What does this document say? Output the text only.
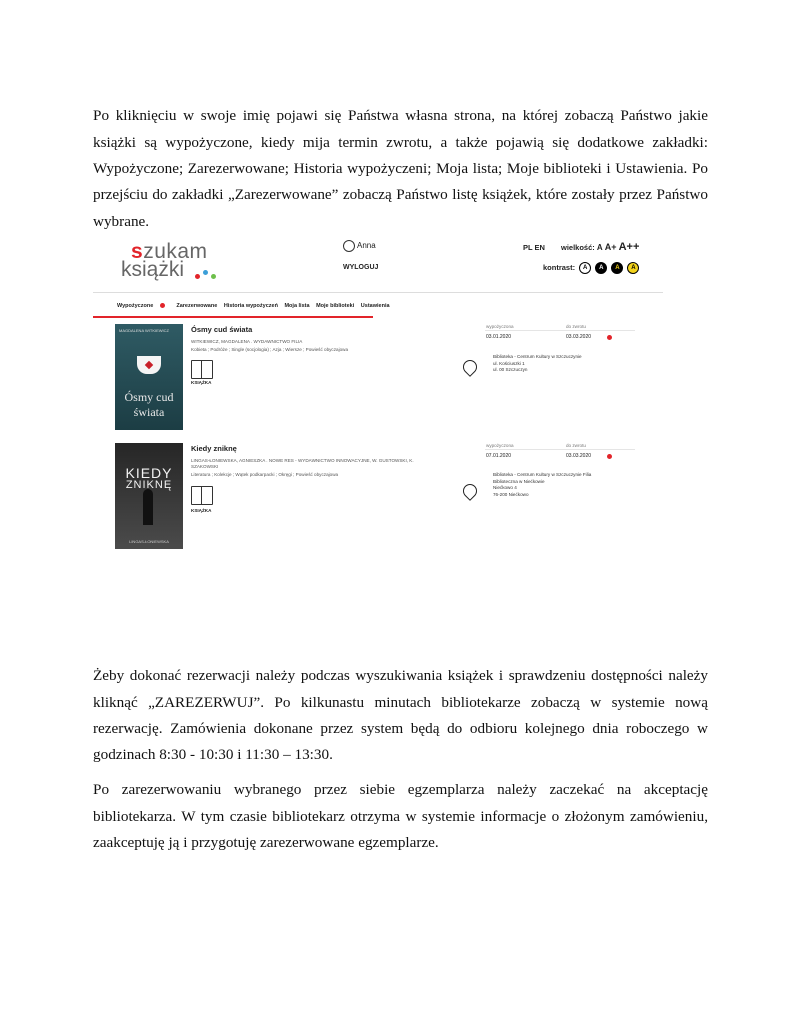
Po kliknięciu w swoje imię pojawi się Państwa własna strona, na której zobaczą Państwo jakie książki są wypożyczone, kiedy mija termin zwrotu, a także pojawią się dodatkowe zakładki: Wypożyczone; Zarezerwowane; Historia wypożyczeni; Moja lista; Moje biblioteki i Ustawienia. Po przejściu do zakładki „Zarezerwowane” zobaczą Państwo listę książek, które zostały przez Państwo wybrane.

szukam
książki
Anna
WYLOGUJ
PL EN wielkość: A A+ A++
kontrast: A A A A
Wypożyczone	Zarezerwowane Historia wypożyczeń Moja lista Moje biblioteki Ustawienia
MAGDALENA WITKIEWICZ
Ósmy cud świata
Ósmy cud świata
WITKIEWICZ, MAGDALENA . WYDAWNICTWO FILIA
Kobieta ; Podróże ; Single (socjologia) ; Azja ; Wiersze ; Powieść obyczajowa
KSIĄŻKA
wypożyczona	do zwrotu
03.01.2020	03.03.2020
Biblioteka - Centrum Kultury w Szczuczynie
ul. Kościuszki 1
ul. 00 Szczuczyn
KIEDY
ZNIKNĘ
LINGAS-ŁONIEWSKA
Kiedy zniknę
LINGAS-ŁONIEWSKA, AGNIESZKA . NOWE RES - WYDAWNICTWO INNOWACYJNE, W. GUSTOWSKI, K. SZAKOWSKI
Literatura ; Kolekcje ; Wątek podkarpacki ; Okręgi ; Powieść obyczajowa
KSIĄŻKA
wypożyczona	do zwrotu
07.01.2020	03.03.2020
Biblioteka - Centrum Kultury w Szczuczynie Filia
Biblioteczna w Niećkowie
Niećkowo 4
76-200 Niećkowo

Żeby dokonać rezerwacji należy podczas wyszukiwania książek i sprawdzeniu dostępności należy kliknąć „ZAREZERWUJ”. Po kilkunastu minutach bibliotekarze zobaczą w systemie nową rezerwację. Zamówienia dokonane przez system będą do odbioru kolejnego dnia roboczego w godzinach 8:30 - 10:30 i 11:30 – 13:30.

Po zarezerwowaniu wybranego przez siebie egzemplarza należy zaczekać na akceptację bibliotekarza. W tym czasie bibliotekarz otrzyma w systemie informacje o złożonym zamówieniu, zaakceptuję ją i przygotuję zarezerwowane egzemplarze.
